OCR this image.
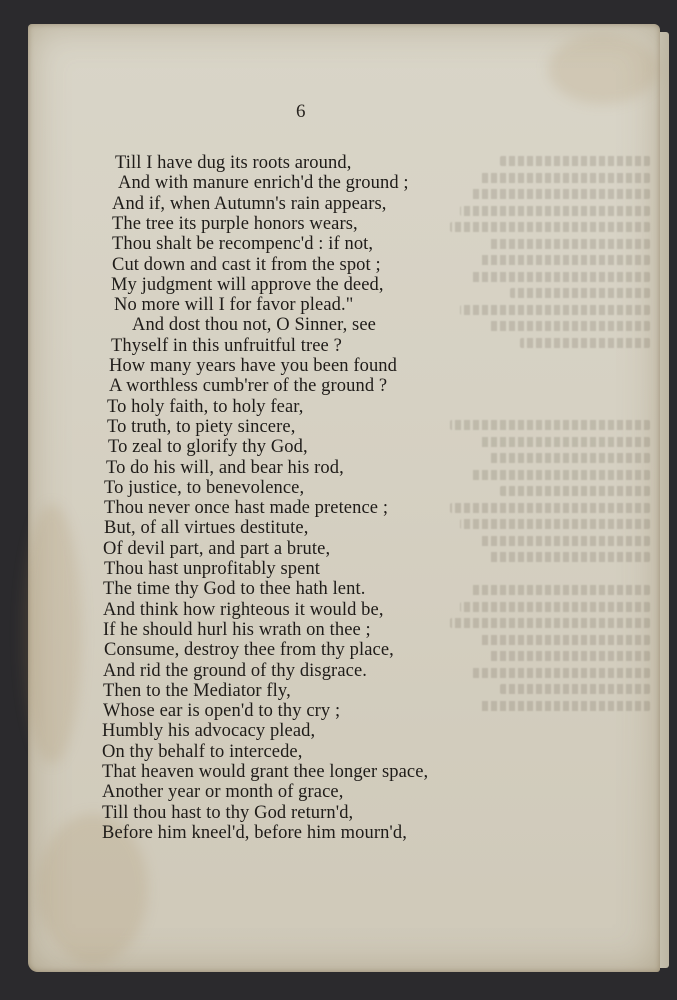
6
Till I have dug its roots around,
And with manure enrich'd the ground ;
And if, when Autumn's rain appears,
The tree its purple honors wears,
Thou shalt be recompenc'd : if not,
Cut down and cast it from the spot ;
My judgment will approve the deed,
No more will I for favor plead."
And dost thou not, O Sinner, see
Thyself in this unfruitful tree ?
How many years have you been found
A worthless cumb'rer of the ground ?
To holy faith, to holy fear,
To truth, to piety sincere,
To zeal to glorify thy God,
To do his will, and bear his rod,
To justice, to benevolence,
Thou never once hast made pretence ;
But, of all virtues destitute,
Of devil part, and part a brute,
Thou hast unprofitably spent
The time thy God to thee hath lent.
And think how righteous it would be,
If he should hurl his wrath on thee ;
Consume, destroy thee from thy place,
And rid the ground of thy disgrace.
Then to the Mediator fly,
Whose ear is open'd to thy cry ;
Humbly his advocacy plead,
On thy behalf to intercede,
That heaven would grant thee longer space,
Another year or month of grace,
Till thou hast to thy God return'd,
Before him kneel'd, before him mourn'd,
